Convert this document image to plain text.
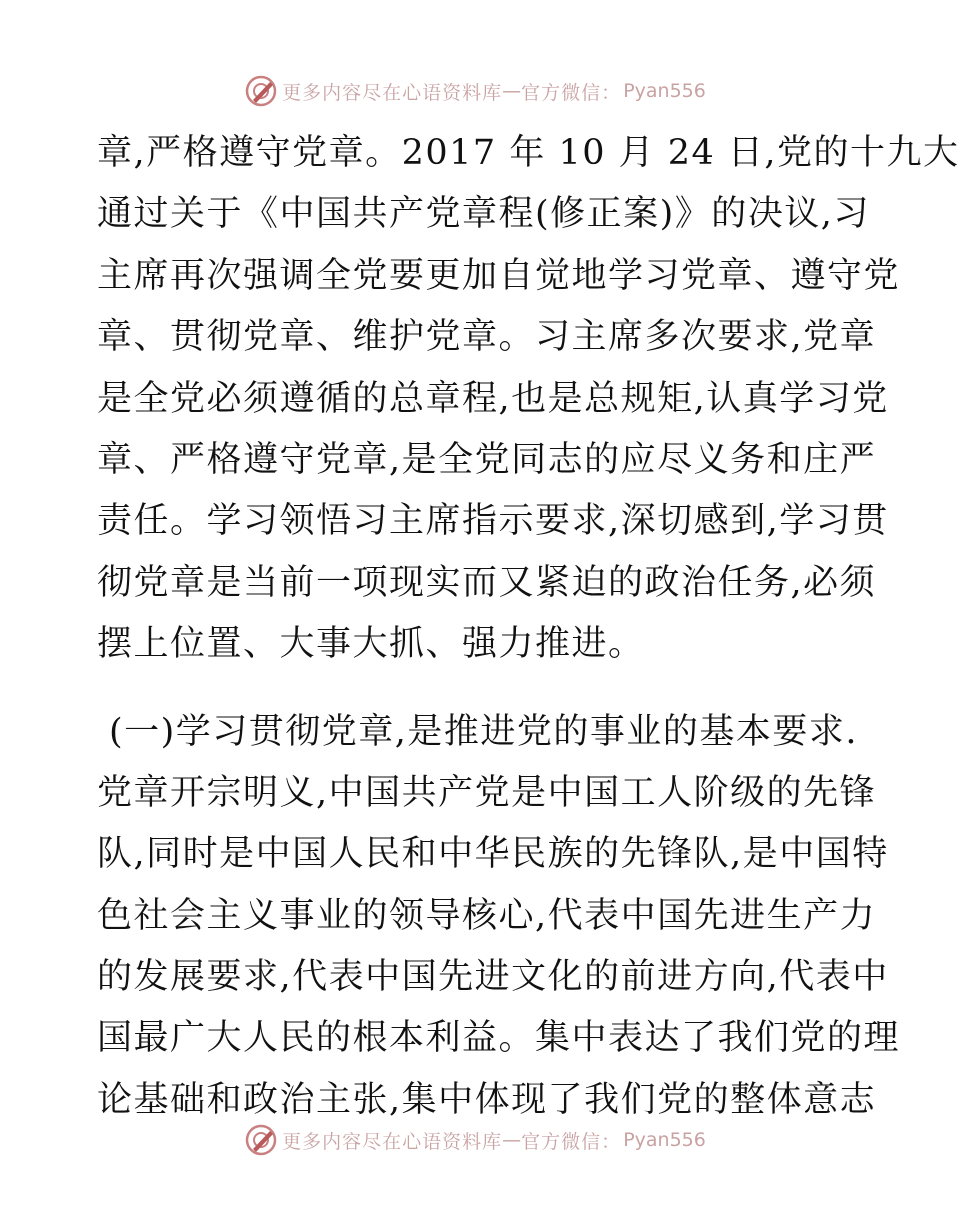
更多内容尽在心语资料库 — 官方微信： Pyan556
章,严格遵守党章。2017 年 10 月 24 日,党的十九大
通过关于《中国共产党章程(修正案)》的决议,习
主席再次强调全党要更加自觉地学习党章、遵守党
章、贯彻党章、维护党章。习主席多次要求,党章
是全党必须遵循的总章程,也是总规矩,认真学习党
章、严格遵守党章,是全党同志的应尽义务和庄严
责任。学习领悟习主席指示要求,深切感到,学习贯
彻党章是当前一项现实而又紧迫的政治任务,必须
摆上位置、大事大抓、强力推进。
(一)学习贯彻党章,是推进党的事业的基本要求.
党章开宗明义,中国共产党是中国工人阶级的先锋
队,同时是中国人民和中华民族的先锋队,是中国特
色社会主义事业的领导核心,代表中国先进生产力
的发展要求,代表中国先进文化的前进方向,代表中
国最广大人民的根本利益。集中表达了我们党的理
论基础和政治主张,集中体现了我们党的整体意志
更多内容尽在心语资料库 — 官方微信： Pyan556
